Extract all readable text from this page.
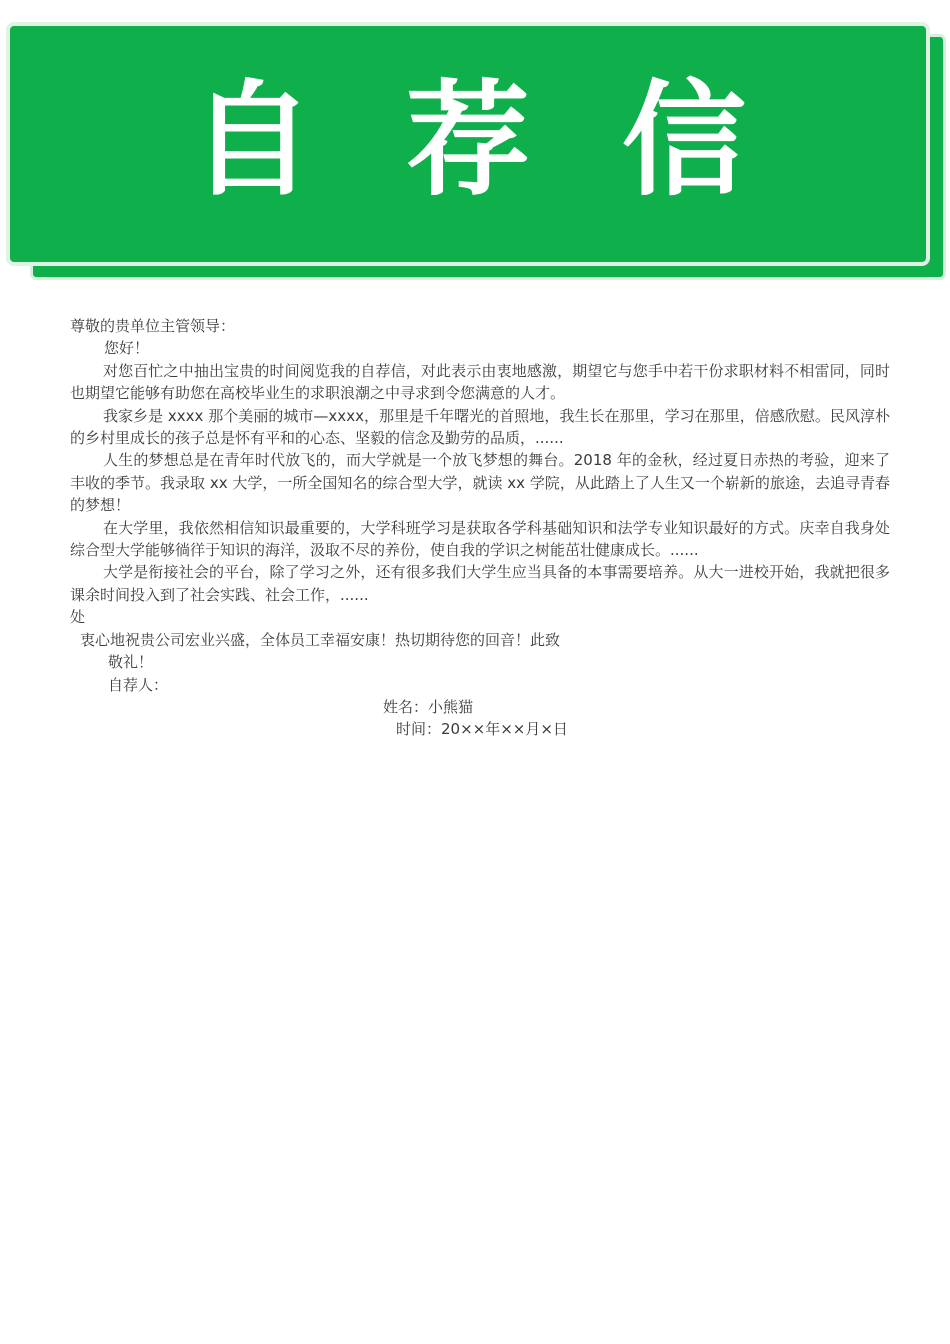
自荐信

尊敬的贵单位主管领导：

您好！

对您百忙之中抽出宝贵的时间阅览我的自荐信，对此表示由衷地感激，期望它与您手中若干份求职材料不相雷同，同时也期望它能够有助您在高校毕业生的求职浪潮之中寻求到令您满意的人才。

我家乡是 xxxx 那个美丽的城市—xxxx，那里是千年曙光的首照地，我生长在那里，学习在那里，倍感欣慰。民风淳朴的乡村里成长的孩子总是怀有平和的心态、坚毅的信念及勤劳的品质，......

人生的梦想总是在青年时代放飞的，而大学就是一个放飞梦想的舞台。2018 年的金秋，经过夏日赤热的考验，迎来了丰收的季节。我录取 xx 大学，一所全国知名的综合型大学，就读 xx 学院，从此踏上了人生又一个崭新的旅途，去追寻青春的梦想！

在大学里，我依然相信知识最重要的，大学科班学习是获取各学科基础知识和法学专业知识最好的方式。庆幸自我身处综合型大学能够徜徉于知识的海洋，汲取不尽的养份，使自我的学识之树能茁壮健康成长。......

大学是衔接社会的平台，除了学习之外，还有很多我们大学生应当具备的本事需要培养。从大一进校开始，我就把很多课余时间投入到了社会实践、社会工作，......

处

衷心地祝贵公司宏业兴盛，全体员工幸福安康！热切期待您的回音！此致

敬礼！

自荐人：

姓名：小熊猫

时间：20××年××月×日
